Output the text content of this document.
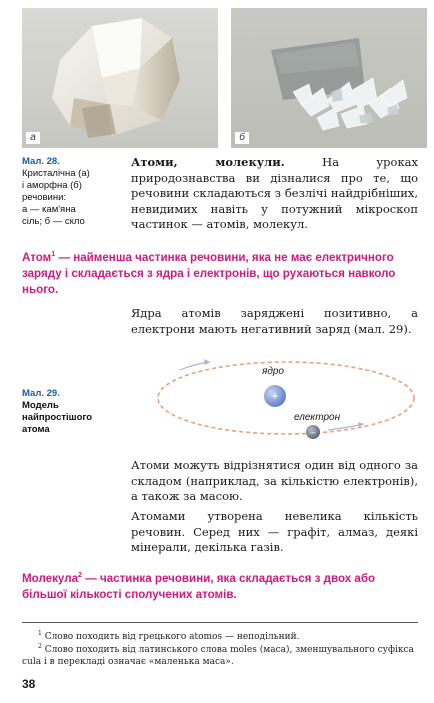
а	б
Мал. 28.
Кристалічна (а)
і аморфна (б)
речовини:
а — кам'яна
сіль; б — скло
Атоми, молекули. На уроках природознавства ви дізналися про те, що речовини складаються з безлічі найдрібніших, невидимих навіть у потужний мікроскоп частинок — атомів, молекул.
Атом$^1$ — найменша частинка речовини, яка не має електричного заряду і складається з ядра і електронів, що рухаються навколо нього.
Ядра атомів заряджені позитивно, а електрони мають негативний заряд (мал. 29).
Мал. 29.
Модель
найпростішого
атома
+
ядро
–
електрон
Атоми можуть відрізнятися один від одного за складом (наприклад, за кількістю електронів), а також за масою.
Атомами утворена невелика кількість речовин. Серед них — графіт, алмаз, деякі мінерали, декілька газів.
Молекула$^2$ — частинка речовини, яка складається з двох або більшої кількості сполучених атомів.
$^1$ Слово походить від грецького atomos — неподільний.
$^2$ Слово походить від латинського слова moles (маса), зменшувального суфікса cula і в перекладі означає «маленька маса».
38
